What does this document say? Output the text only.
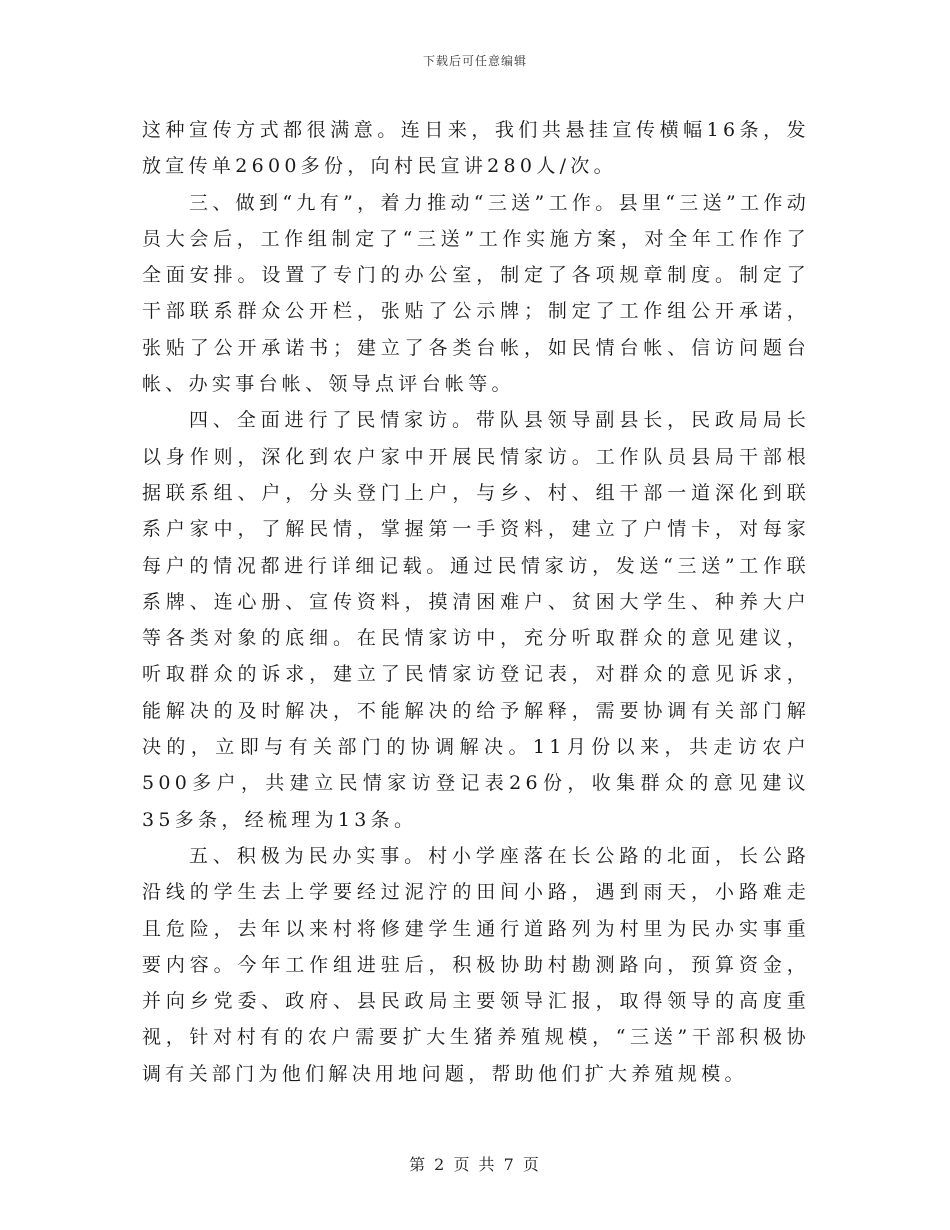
下载后可任意编辑

这种宣传方式都很满意。连日来，我们共悬挂宣传横幅16条，发放宣传单2600多份，向村民宣讲280人/次。

三、做到“九有”，着力推动“三送”工作。县里“三送”工作动员大会后，工作组制定了“三送”工作实施方案，对全年工作作了全面安排。设置了专门的办公室，制定了各项规章制度。制定了干部联系群众公开栏，张贴了公示牌；制定了工作组公开承诺，张贴了公开承诺书；建立了各类台帐，如民情台帐、信访问题台帐、办实事台帐、领导点评台帐等。

四、全面进行了民情家访。带队县领导副县长，民政局局长以身作则，深化到农户家中开展民情家访。工作队员县局干部根据联系组、户，分头登门上户，与乡、村、组干部一道深化到联系户家中，了解民情，掌握第一手资料，建立了户情卡，对每家每户的情况都进行详细记载。通过民情家访，发送“三送”工作联系牌、连心册、宣传资料，摸清困难户、贫困大学生、种养大户等各类对象的底细。在民情家访中，充分听取群众的意见建议，听取群众的诉求，建立了民情家访登记表，对群众的意见诉求，能解决的及时解决，不能解决的给予解释，需要协调有关部门解决的，立即与有关部门的协调解决。11月份以来，共走访农户500多户，共建立民情家访登记表26份，收集群众的意见建议35多条，经梳理为13条。

五、积极为民办实事。村小学座落在长公路的北面，长公路沿线的学生去上学要经过泥泞的田间小路，遇到雨天，小路难走且危险，去年以来村将修建学生通行道路列为村里为民办实事重要内容。今年工作组进驻后，积极协助村勘测路向，预算资金，并向乡党委、政府、县民政局主要领导汇报，取得领导的高度重视，针对村有的农户需要扩大生猪养殖规模，“三送”干部积极协调有关部门为他们解决用地问题，帮助他们扩大养殖规模。

第 2 页 共 7 页
